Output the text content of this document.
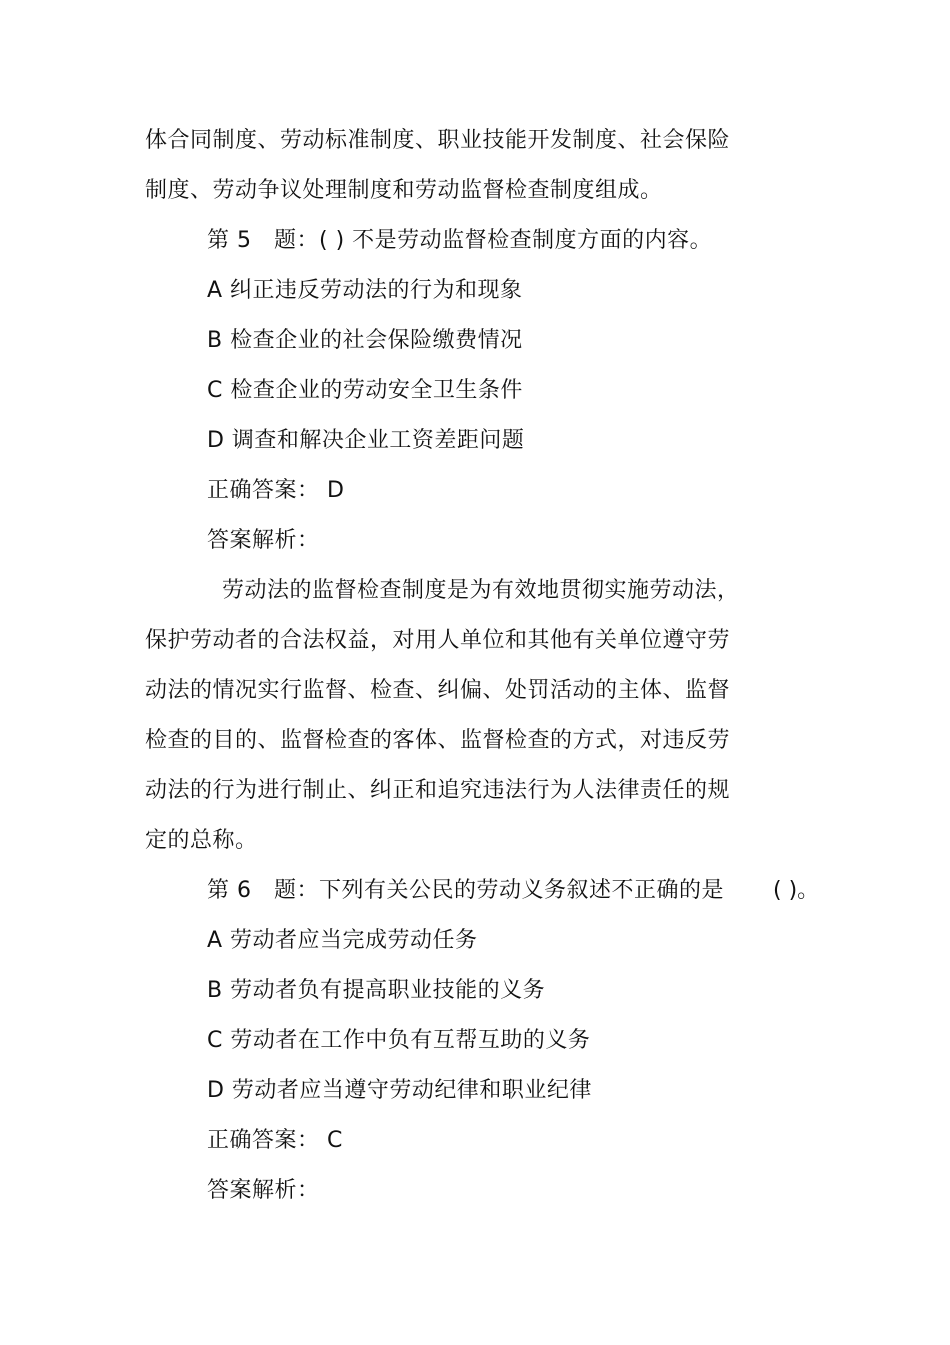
体合同制度、劳动标准制度、职业技能开发制度、社会保险
制度、劳动争议处理制度和劳动监督检查制度组成。
第 5　题：( ) 不是劳动监督检查制度方面的内容。
A 纠正违反劳动法的行为和现象
B 检查企业的社会保险缴费情况
C 检查企业的劳动安全卫生条件
D 调查和解决企业工资差距问题
正确答案： D
答案解析：
劳动法的监督检查制度是为有效地贯彻实施劳动法，
保护劳动者的合法权益，对用人单位和其他有关单位遵守劳
动法的情况实行监督、检查、纠偏、处罚活动的主体、监督
检查的目的、监督检查的客体、监督检查的方式，对违反劳
动法的行为进行制止、纠正和追究违法行为人法律责任的规
定的总称。
第 6　题：下列有关公民的劳动义务叙述不正确的是 ( )。
A 劳动者应当完成劳动任务
B 劳动者负有提高职业技能的义务
C 劳动者在工作中负有互帮互助的义务
D 劳动者应当遵守劳动纪律和职业纪律
正确答案： C
答案解析：
